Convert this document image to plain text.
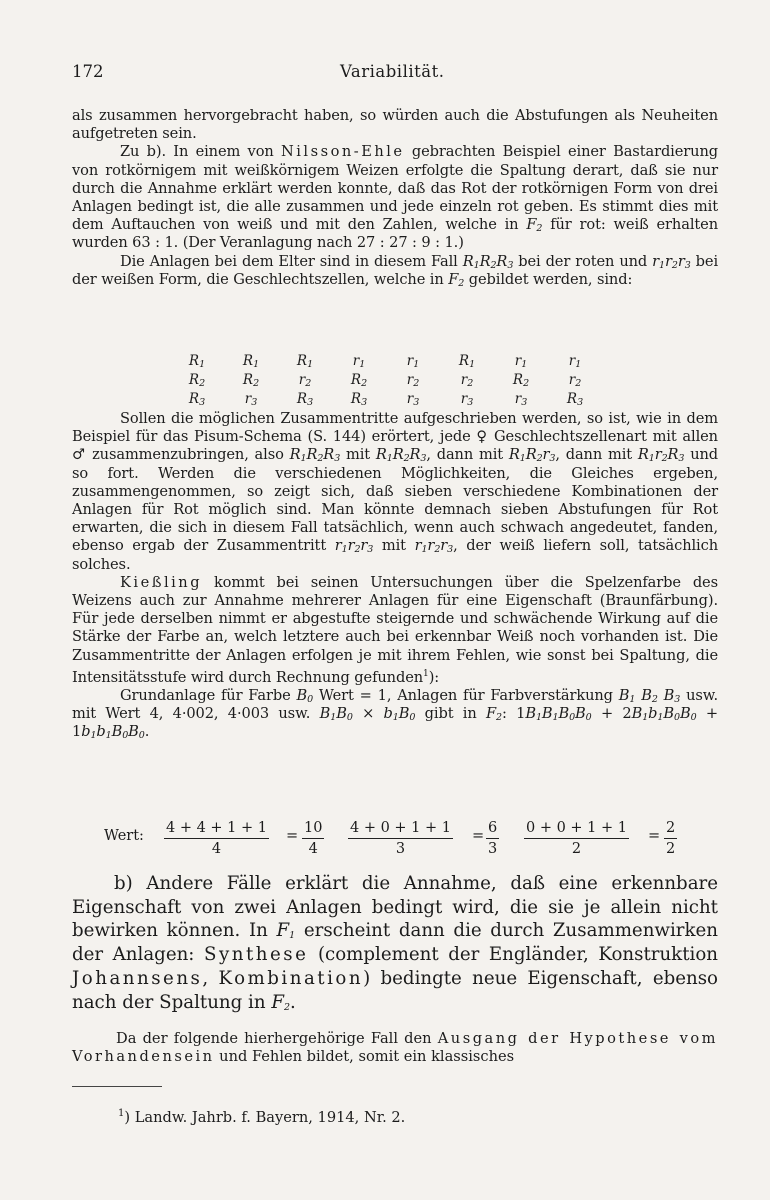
172	Variabilität.

als zusammen hervorgebracht haben, so würden auch die Abstufungen als Neuheiten aufgetreten sein.

Zu b). In einem von Nilsson-Ehle gebrachten Beispiel einer Bastardierung von rotkörnigem mit weißkörnigem Weizen erfolgte die Spaltung derart, daß sie nur durch die Annahme erklärt werden konnte, daß das Rot der rotkörnigen Form von drei Anlagen bedingt ist, die alle zusammen und jede einzeln rot geben. Es stimmt dies mit dem Auftauchen von weiß und mit den Zahlen, welche in $F_2$ für rot: weiß erhalten wurden 63 : 1. (Der Veranlagung nach 27 : 27 : 9 : 1.)

Die Anlagen bei dem Elter sind in diesem Fall $R_1R_2R_3$ bei der roten und $r_1r_2r_3$ bei der weißen Form, die Geschlechtszellen, welche in $F_2$ gebildet werden, sind:

$R_1$	$R_1$	$R_1$	$r_1$	$r_1$	$R_1$	$r_1$	$r_1$
$R_2$	$R_2$	$r_2$	$R_2$	$r_2$	$r_2$	$R_2$	$r_2$
$R_3$	$r_3$	$R_3$	$R_3$	$r_3$	$r_3$	$r_3$	$R_3$

Sollen die möglichen Zusammentritte aufgeschrieben werden, so ist, wie in dem Beispiel für das Pisum-Schema (S. 144) erörtert, jede ♀ Geschlechtszellenart mit allen ♂ zusammenzubringen, also $R_1R_2R_3$ mit $R_1R_2R_3$, dann mit $R_1R_2r_3$, dann mit $R_1r_2R_3$ und so fort. Werden die verschiedenen Möglichkeiten, die Gleiches ergeben, zusammengenommen, so zeigt sich, daß sieben verschiedene Kombinationen der Anlagen für Rot möglich sind. Man könnte demnach sieben Abstufungen für Rot erwarten, die sich in diesem Fall tatsächlich, wenn auch schwach angedeutet, fanden, ebenso ergab der Zusammentritt $r_1r_2r_3$ mit $r_1r_2r_3$, der weiß liefern soll, tatsächlich solches.

Kießling kommt bei seinen Untersuchungen über die Spelzenfarbe des Weizens auch zur Annahme mehrerer Anlagen für eine Eigenschaft (Braunfärbung). Für jede derselben nimmt er abgestufte steigernde und schwächende Wirkung auf die Stärke der Farbe an, welch letztere auch bei erkennbar Weiß noch vorhanden ist. Die Zusammentritte der Anlagen erfolgen je mit ihrem Fehlen, wie sonst bei Spaltung, die Intensitätsstufe wird durch Rechnung gefunden$^1$):

Grundanlage für Farbe $B_0$ Wert = 1, Anlagen für Farbverstärkung $B_1$ $B_2$ $B_3$ usw. mit Wert 4, 4·002, 4·003 usw. $B_1B_0 \times b_1B_0$ gibt in $F_2$: $1B_1B_1B_0B_0 + 2B_1b_1B_0B_0 + 1b_1b_1B_0B_0$.

Wert: $\frac{4 + 4 + 1 + 1}{4} = \frac{10}{4} \frac{4 + 0 + 1 + 1}{3} = \frac{6}{3} \frac{0 + 0 + 1 + 1}{2} = \frac{2}{2}$
b) Andere Fälle erklärt die Annahme, daß eine erkennbare Eigenschaft von zwei Anlagen bedingt wird, die sie je allein nicht bewirken können. In $F_1$ erscheint dann die durch Zusammenwirken der Anlagen: Synthese (complement der Engländer, Konstruktion Johannsens, Kombination) bedingte neue Eigenschaft, ebenso nach der Spaltung in $F_2$.
Da der folgende hierhergehörige Fall den Ausgang der Hypothese vom Vorhandensein und Fehlen bildet, somit ein klassisches
$^1$) Landw. Jahrb. f. Bayern, 1914, Nr. 2.
